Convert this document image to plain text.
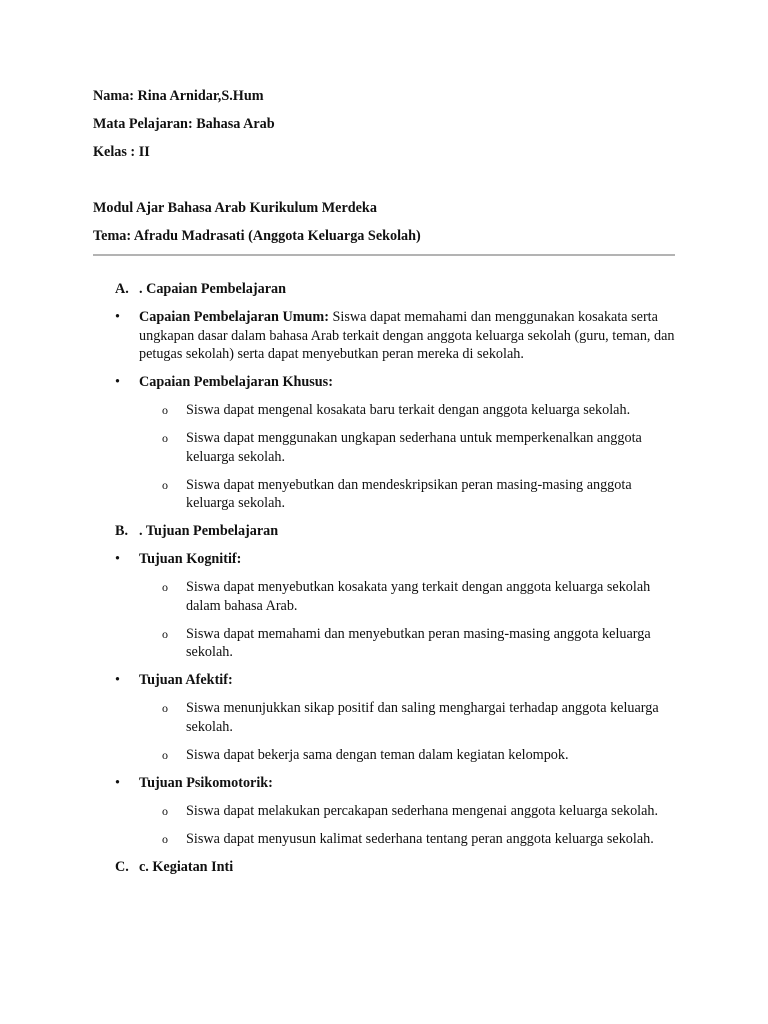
Nama: Rina Arnidar,S.Hum
Mata Pelajaran: Bahasa Arab
Kelas : II
Modul Ajar Bahasa Arab Kurikulum Merdeka
Tema: Afradu Madrasati (Anggota Keluarga Sekolah)
A. . Capaian Pembelajaran
•	Capaian Pembelajaran Umum: Siswa dapat memahami dan menggunakan kosakata serta ungkapan dasar dalam bahasa Arab terkait dengan anggota keluarga sekolah (guru, teman, dan petugas sekolah) serta dapat menyebutkan peran mereka di sekolah.
•	Capaian Pembelajaran Khusus:
o Siswa dapat mengenal kosakata baru terkait dengan anggota keluarga sekolah.
o Siswa dapat menggunakan ungkapan sederhana untuk memperkenalkan anggota keluarga sekolah.
o Siswa dapat menyebutkan dan mendeskripsikan peran masing-masing anggota keluarga sekolah.
B. . Tujuan Pembelajaran
•	Tujuan Kognitif:
o Siswa dapat menyebutkan kosakata yang terkait dengan anggota keluarga sekolah dalam bahasa Arab.
o Siswa dapat memahami dan menyebutkan peran masing-masing anggota keluarga sekolah.
•	Tujuan Afektif:
o Siswa menunjukkan sikap positif dan saling menghargai terhadap anggota keluarga sekolah.
o Siswa dapat bekerja sama dengan teman dalam kegiatan kelompok.
•	Tujuan Psikomotorik:
o Siswa dapat melakukan percakapan sederhana mengenai anggota keluarga sekolah.
o Siswa dapat menyusun kalimat sederhana tentang peran anggota keluarga sekolah.
C. c. Kegiatan Inti
